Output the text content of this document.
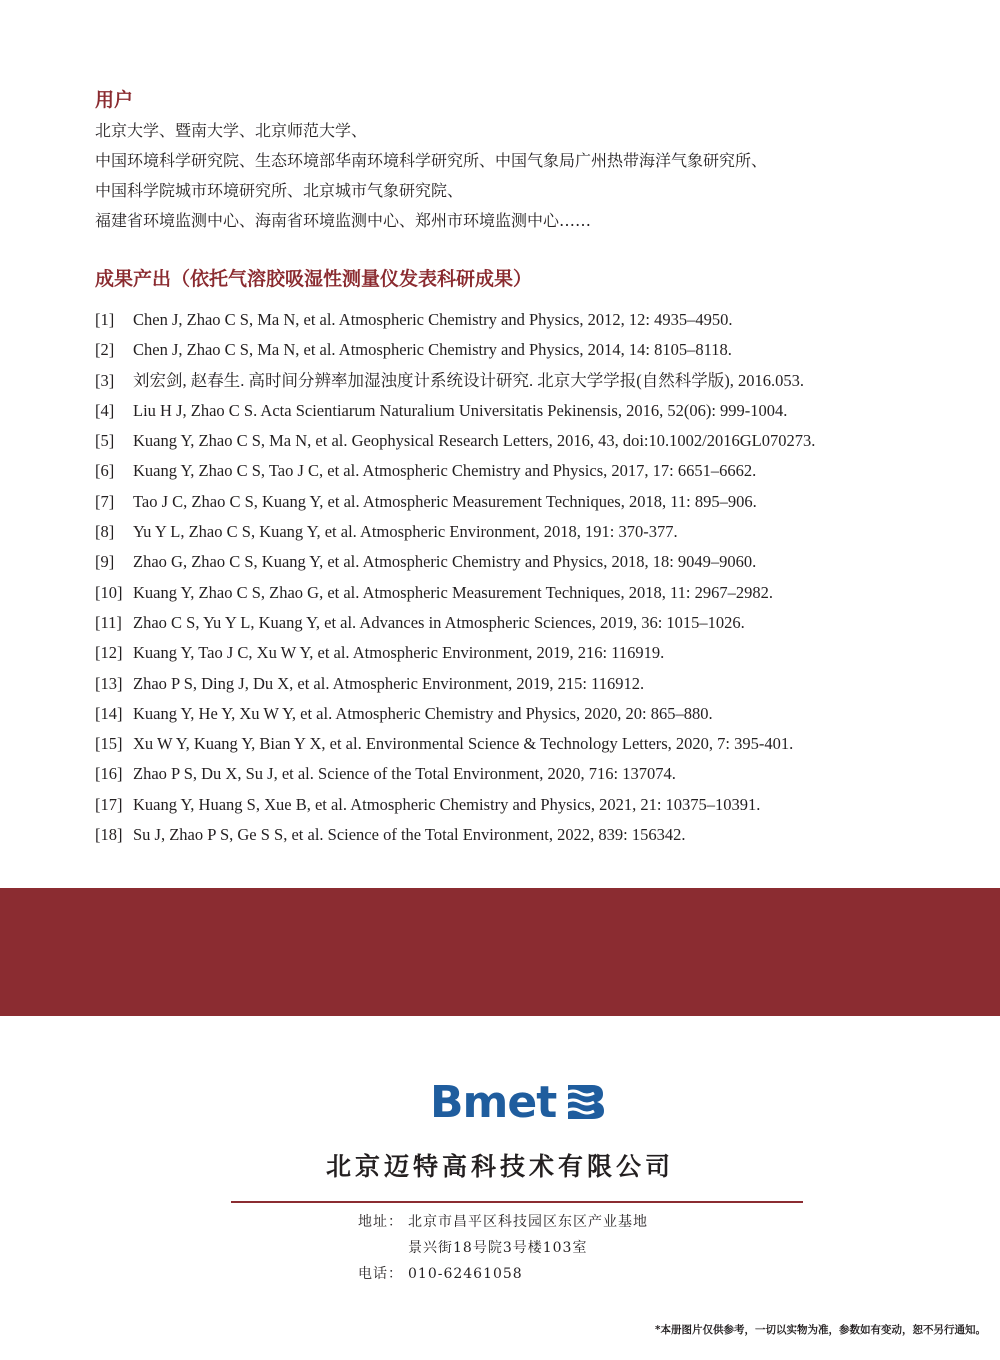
用户
北京大学、暨南大学、北京师范大学、
中国环境科学研究院、生态环境部华南环境科学研究所、中国气象局广州热带海洋气象研究所、
中国科学院城市环境研究所、北京城市气象研究院、
福建省环境监测中心、海南省环境监测中心、郑州市环境监测中心……
成果产出（依托气溶胶吸湿性测量仪发表科研成果）
[1] Chen J, Zhao C S, Ma N, et al. Atmospheric Chemistry and Physics, 2012, 12: 4935–4950.
[2] Chen J, Zhao C S, Ma N, et al. Atmospheric Chemistry and Physics, 2014, 14: 8105–8118.
[3] 刘宏剑, 赵春生. 高时间分辨率加湿浊度计系统设计研究. 北京大学学报(自然科学版), 2016.053.
[4] Liu H J, Zhao C S. Acta Scientiarum Naturalium Universitatis Pekinensis, 2016, 52(06): 999-1004.
[5] Kuang Y, Zhao C S, Ma N, et al. Geophysical Research Letters, 2016, 43, doi:10.1002/2016GL070273.
[6] Kuang Y, Zhao C S, Tao J C, et al. Atmospheric Chemistry and Physics, 2017, 17: 6651–6662.
[7] Tao J C, Zhao C S, Kuang Y, et al. Atmospheric Measurement Techniques, 2018, 11: 895–906.
[8] Yu Y L, Zhao C S, Kuang Y, et al. Atmospheric Environment, 2018, 191: 370-377.
[9] Zhao G, Zhao C S, Kuang Y, et al. Atmospheric Chemistry and Physics, 2018, 18: 9049–9060.
[10] Kuang Y, Zhao C S, Zhao G, et al. Atmospheric Measurement Techniques, 2018, 11: 2967–2982.
[11] Zhao C S, Yu Y L, Kuang Y, et al. Advances in Atmospheric Sciences, 2019, 36: 1015–1026.
[12] Kuang Y, Tao J C, Xu W Y, et al. Atmospheric Environment, 2019, 216: 116919.
[13] Zhao P S, Ding J, Du X, et al. Atmospheric Environment, 2019, 215: 116912.
[14] Kuang Y, He Y, Xu W Y, et al. Atmospheric Chemistry and Physics, 2020, 20: 865–880.
[15] Xu W Y, Kuang Y, Bian Y X, et al. Environmental Science & Technology Letters, 2020, 7: 395-401.
[16] Zhao P S, Du X, Su J, et al. Science of the Total Environment, 2020, 716: 137074.
[17] Kuang Y, Huang S, Xue B, et al. Atmospheric Chemistry and Physics, 2021, 21: 10375–10391.
[18] Su J, Zhao P S, Ge S S, et al. Science of the Total Environment, 2022, 839: 156342.
Bmet
北京迈特高科技术有限公司
地址： 北京市昌平区科技园区东区产业基地
景兴街18号院3号楼103室
电话： 010-62461058
*本册图片仅供参考，一切以实物为准，参数如有变动，恕不另行通知。
